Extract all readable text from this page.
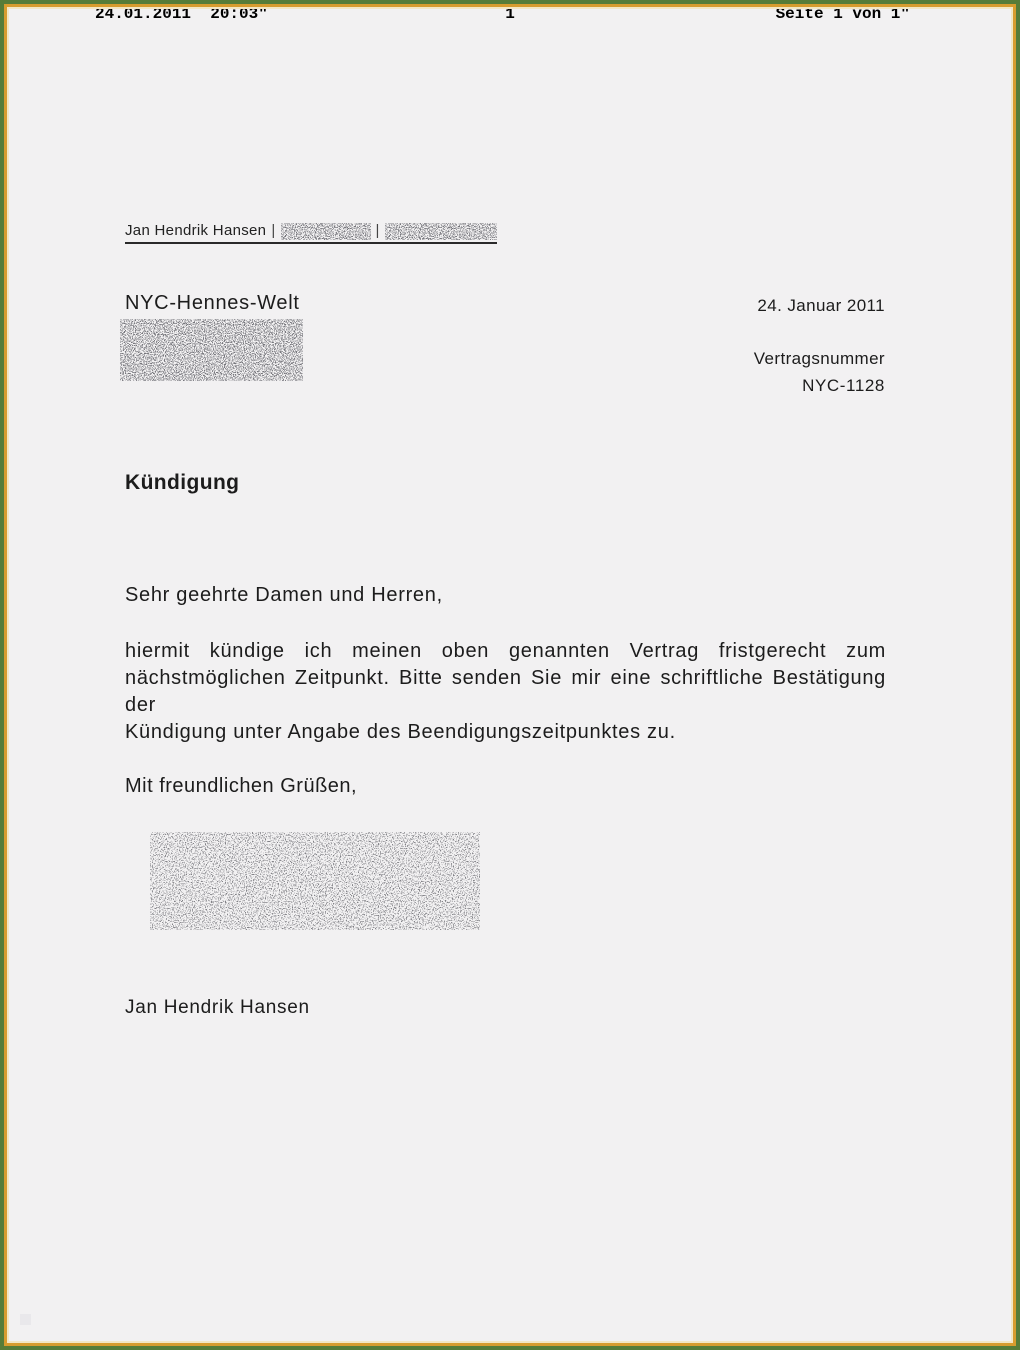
24.01.2011  20:03"	1	Seite 1 von 1"
Jan Hendrik Hansen |	|
NYC-Hennes-Welt	24. Januar 2011
Vertragsnummer
NYC-1128
Kündigung
Sehr geehrte Damen und Herren,
hiermit kündige ich meinen oben genannten Vertrag fristgerecht zum
nächstmöglichen Zeitpunkt. Bitte senden Sie mir eine schriftliche Bestätigung der
Kündigung unter Angabe des Beendigungszeitpunktes zu.
Mit freundlichen Grüßen,
Jan Hendrik Hansen
